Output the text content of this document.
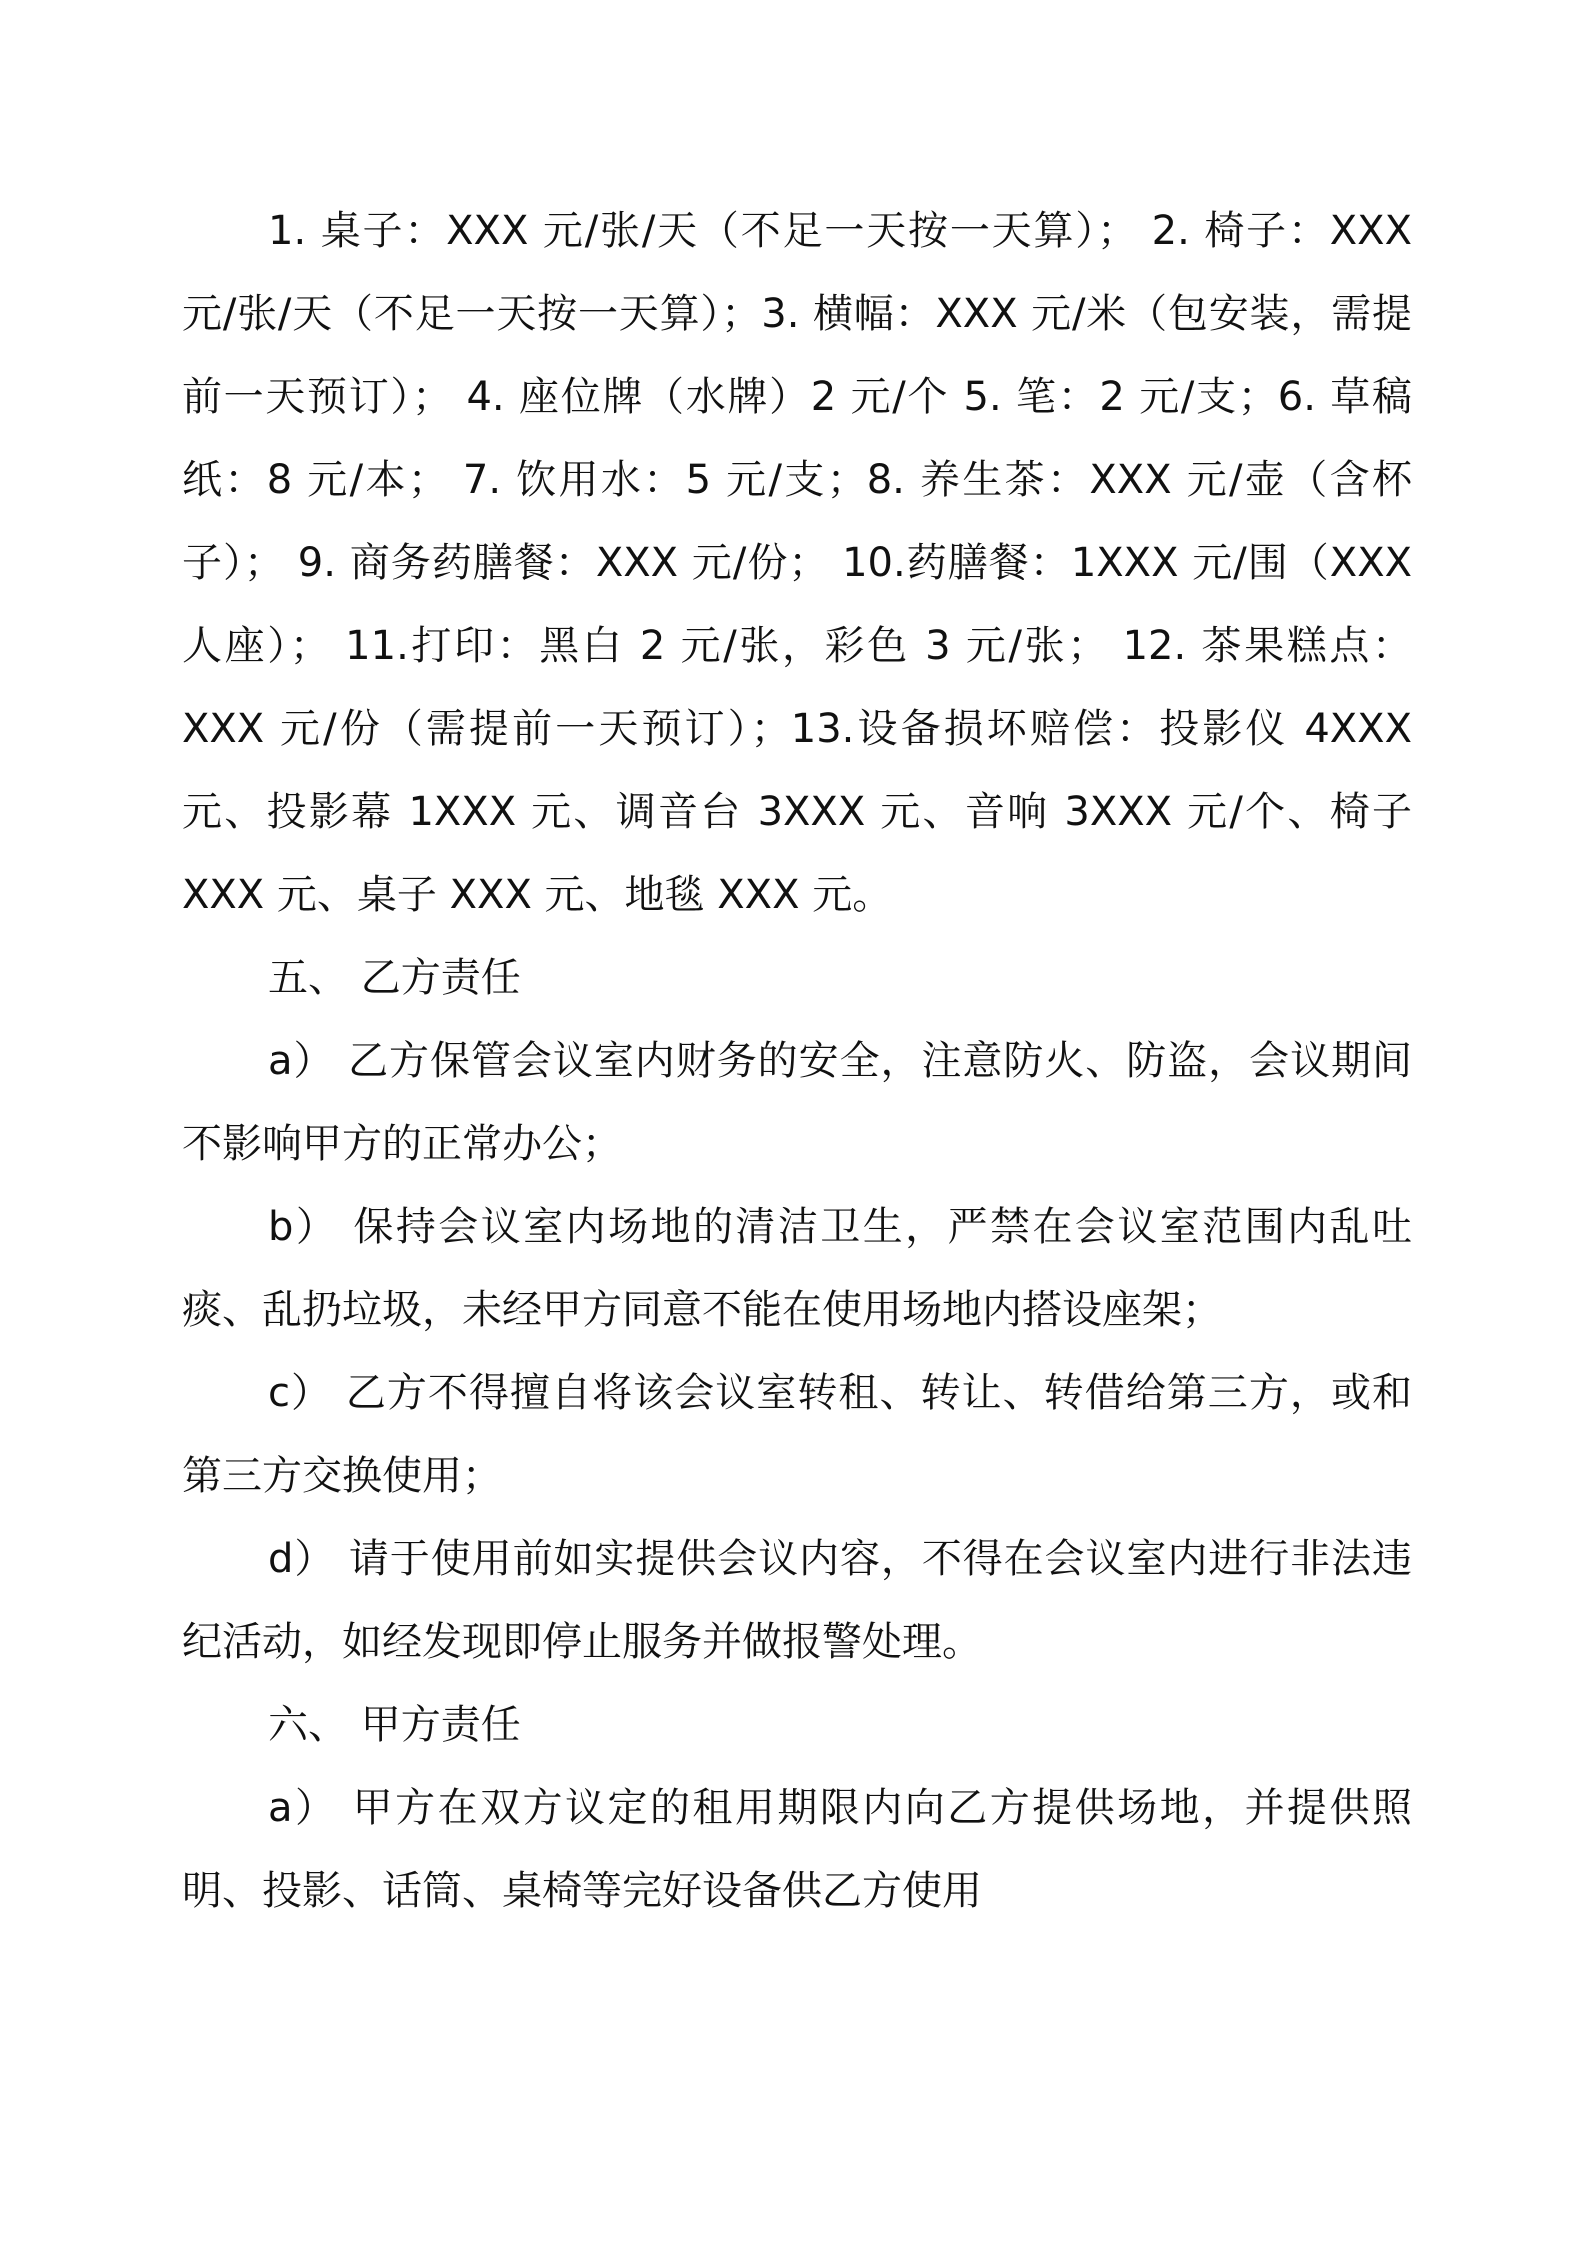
1. 桌子：XXX 元/张/天（不足一天按一天算）； 2. 椅子：XXX 元/张/天（不足一天按一天算）；3. 横幅：XXX 元/米（包安装，需提前一天预订）； 4. 座位牌（水牌）2 元/个 5. 笔：2 元/支；6. 草稿纸：8 元/本； 7. 饮用水：5 元/支；8. 养生茶：XXX 元/壶（含杯子）； 9. 商务药膳餐：XXX 元/份； 10.药膳餐：1XXX 元/围（XXX 人座）； 11.打印：黑白 2 元/张，彩色 3 元/张； 12. 茶果糕点：XXX 元/份（需提前一天预订）；13.设备损坏赔偿：投影仪 4XXX 元、投影幕 1XXX 元、调音台 3XXX 元、音响 3XXX 元/个、椅子 XXX 元、桌子 XXX 元、地毯 XXX 元。

五、 乙方责任

a） 乙方保管会议室内财务的安全，注意防火、防盗，会议期间不影响甲方的正常办公；

b） 保持会议室内场地的清洁卫生，严禁在会议室范围内乱吐痰、乱扔垃圾，未经甲方同意不能在使用场地内搭设座架；

c） 乙方不得擅自将该会议室转租、转让、转借给第三方，或和第三方交换使用；

d） 请于使用前如实提供会议内容，不得在会议室内进行非法违纪活动，如经发现即停止服务并做报警处理。

六、 甲方责任

a） 甲方在双方议定的租用期限内向乙方提供场地，并提供照明、投影、话筒、桌椅等完好设备供乙方使用
